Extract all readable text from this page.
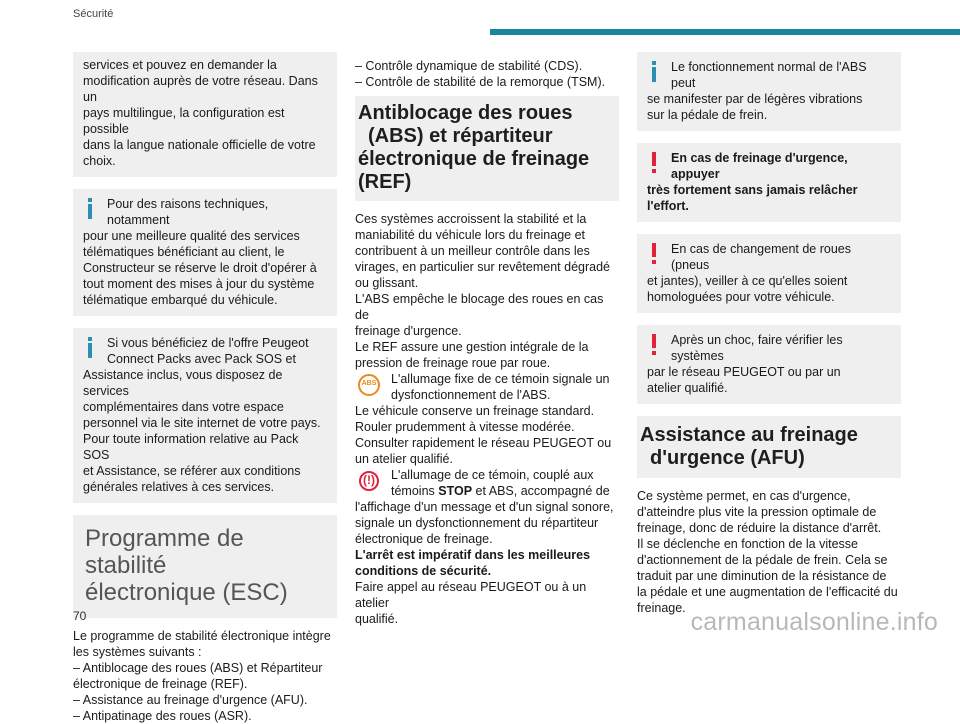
Sécurité

services et pouvez en demander la

modification auprès de votre réseau. Dans un

pays multilingue, la configuration est possible

dans la langue nationale officielle de votre

choix.

Pour des raisons techniques, notamment

pour une meilleure qualité des services

télématiques bénéficiant au client, le

Constructeur se réserve le droit d'opérer à

tout moment des mises à jour du système

télématique embarqué du véhicule.

Si vous bénéficiez de l'offre Peugeot

Connect Packs avec Pack SOS et

Assistance inclus, vous disposez de services

complémentaires dans votre espace

personnel via le site internet de votre pays.

Pour toute information relative au Pack SOS

et Assistance, se référer aux conditions

générales relatives à ces services.

Programme de stabilité
électronique (ESC)

Le programme de stabilité électronique intègre

les systèmes suivants :

– Antiblocage des roues (ABS) et Répartiteur

électronique de freinage (REF).

– Assistance au freinage d'urgence (AFU).

– Antipatinage des roues (ASR).

– Contrôle dynamique de stabilité (CDS).

– Contrôle de stabilité de la remorque (TSM).

Antiblocage des roues
(ABS) et répartiteur
électronique de freinage
(REF)

Ces systèmes accroissent la stabilité et la

maniabilité du véhicule lors du freinage et

contribuent à un meilleur contrôle dans les

virages, en particulier sur revêtement dégradé

ou glissant.

L'ABS empêche le blocage des roues en cas de

freinage d'urgence.

Le REF assure une gestion intégrale de la

pression de freinage roue par roue.

ABS	L'allumage fixe de ce témoin signale un

dysfonctionnement de l'ABS.

Le véhicule conserve un freinage standard.

Rouler prudemment à vitesse modérée.

Consulter rapidement le réseau PEUGEOT ou

un atelier qualifié.

(!)	L'allumage de ce témoin, couplé aux

témoins STOP et ABS, accompagné de

l'affichage d'un message et d'un signal sonore,

signale un dysfonctionnement du répartiteur

électronique de freinage.

L'arrêt est impératif dans les meilleures

conditions de sécurité.

Faire appel au réseau PEUGEOT ou à un atelier

qualifié.

Le fonctionnement normal de l'ABS peut

se manifester par de légères vibrations

sur la pédale de frein.

En cas de freinage d'urgence, appuyer

très fortement sans jamais relâcher

l'effort.

En cas de changement de roues (pneus

et jantes), veiller à ce qu'elles soient

homologuées pour votre véhicule.

Après un choc, faire vérifier les systèmes

par le réseau PEUGEOT ou par un

atelier qualifié.

Assistance au freinage
d'urgence (AFU)

Ce système permet, en cas d'urgence,

d'atteindre plus vite la pression optimale de

freinage, donc de réduire la distance d'arrêt.

Il se déclenche en fonction de la vitesse

d'actionnement de la pédale de frein. Cela se

traduit par une diminution de la résistance de

la pédale et une augmentation de l'efficacité du

freinage.

70	carmanualsonline.info
